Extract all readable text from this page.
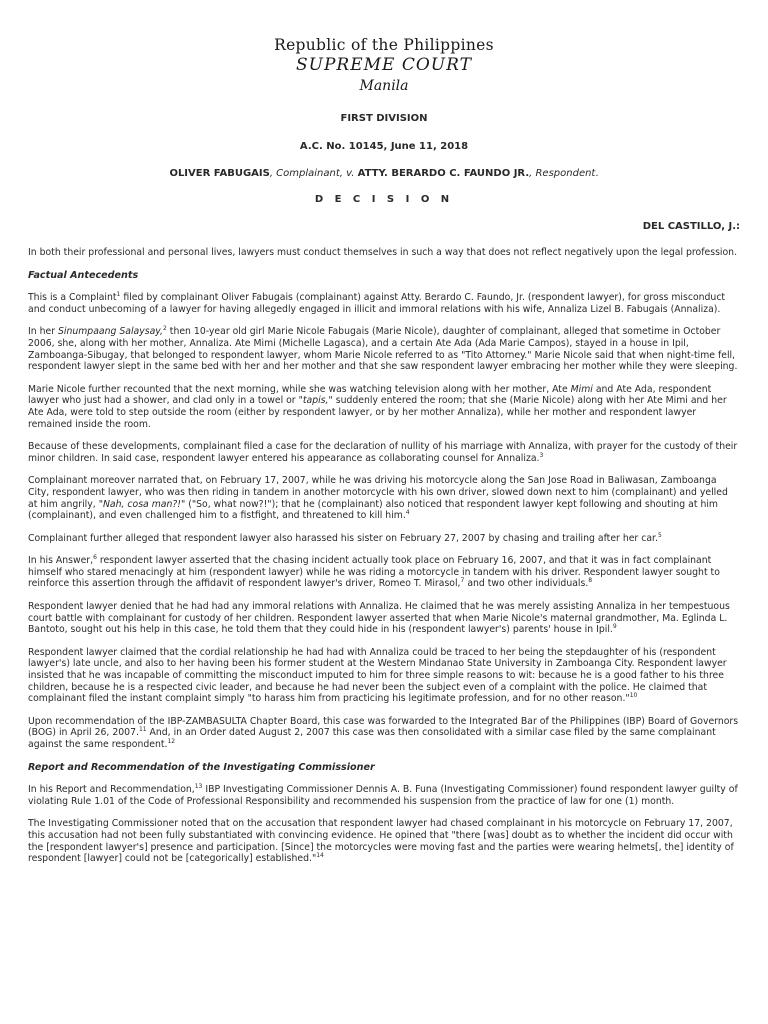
Republic of the Philippines
SUPREME COURT
Manila
FIRST DIVISION
A.C. No. 10145, June 11, 2018
OLIVER FABUGAIS, Complainant, v. ATTY. BERARDO C. FAUNDO JR., Respondent.
D E C I S I O N
DEL CASTILLO, J.:

In both their professional and personal lives, lawyers must conduct themselves in such a way that does not reflect negatively upon the legal profession.

Factual Antecedents

This is a Complaint$^1$ filed by complainant Oliver Fabugais (complainant) against Atty. Berardo C. Faundo, Jr. (respondent lawyer), for gross misconduct and conduct unbecoming of a lawyer for having allegedly engaged in illicit and immoral relations with his wife, Annaliza Lizel B. Fabugais (Annaliza).

In her Sinumpaang Salaysay,$^2$ then 10-year old girl Marie Nicole Fabugais (Marie Nicole), daughter of complainant, alleged that sometime in October 2006, she, along with her mother, Annaliza. Ate Mimi (Michelle Lagasca), and a certain Ate Ada (Ada Marie Campos), stayed in a house in Ipil, Zamboanga-Sibugay, that belonged to respondent lawyer, whom Marie Nicole referred to as "Tito Attorney." Marie Nicole said that when night-time fell, respondent lawyer slept in the same bed with her and her mother and that she saw respondent lawyer embracing her mother while they were sleeping.

Marie Nicole further recounted that the next morning, while she was watching television along with her mother, Ate Mimi and Ate Ada, respondent lawyer who just had a shower, and clad only in a towel or "tapis," suddenly entered the room; that she (Marie Nicole) along with her Ate Mimi and her Ate Ada, were told to step outside the room (either by respondent lawyer, or by her mother Annaliza), while her mother and respondent lawyer remained inside the room.

Because of these developments, complainant filed a case for the declaration of nullity of his marriage with Annaliza, with prayer for the custody of their minor children. In said case, respondent lawyer entered his appearance as collaborating counsel for Annaliza.$^3$

Complainant moreover narrated that, on February 17, 2007, while he was driving his motorcycle along the San Jose Road in Baliwasan, Zamboanga City, respondent lawyer, who was then riding in tandem in another motorcycle with his own driver, slowed down next to him (complainant) and yelled at him angrily, "Nah, cosa man?!" ("So, what now?!"); that he (complainant) also noticed that respondent lawyer kept following and shouting at him (complainant), and even challenged him to a fistfight, and threatened to kill him.$^4$

Complainant further alleged that respondent lawyer also harassed his sister on February 27, 2007 by chasing and trailing after her car.$^5$

In his Answer,$^6$ respondent lawyer asserted that the chasing incident actually took place on February 16, 2007, and that it was in fact complainant himself who stared menacingly at him (respondent lawyer) while he was riding a motorcycle in tandem with his driver. Respondent lawyer sought to reinforce this assertion through the affidavit of respondent lawyer's driver, Romeo T. Mirasol,$^7$ and two other individuals.$^8$

Respondent lawyer denied that he had had any immoral relations with Annaliza. He claimed that he was merely assisting Annaliza in her tempestuous court battle with complainant for custody of her children. Respondent lawyer asserted that when Marie Nicole's maternal grandmother, Ma. Eglinda L. Bantoto, sought out his help in this case, he told them that they could hide in his (respondent lawyer's) parents' house in Ipil.$^9$

Respondent lawyer claimed that the cordial relationship he had had with Annaliza could be traced to her being the stepdaughter of his (respondent lawyer's) late uncle, and also to her having been his former student at the Western Mindanao State University in Zamboanga City. Respondent lawyer insisted that he was incapable of committing the misconduct imputed to him for three simple reasons to wit: because he is a good father to his three children, because he is a respected civic leader, and because he had never been the subject even of a complaint with the police. He claimed that complainant filed the instant complaint simply "to harass him from practicing his legitimate profession, and for no other reason."$^{10}$

Upon recommendation of the IBP-ZAMBASULTA Chapter Board, this case was forwarded to the Integrated Bar of the Philippines (IBP) Board of Governors (BOG) in April 26, 2007.11 And, in an Order dated August 2, 2007 this case was then consolidated with a similar case filed by the same complainant against the same respondent.$^{12}$

Report and Recommendation of the Investigating Commissioner

In his Report and Recommendation,$^{13}$ IBP Investigating Commissioner Dennis A. B. Funa (Investigating Commissioner) found respondent lawyer guilty of violating Rule 1.01 of the Code of Professional Responsibility and recommended his suspension from the practice of law for one (1) month.

The Investigating Commissioner noted that on the accusation that respondent lawyer had chased complainant in his motorcycle on February 17, 2007, this accusation had not been fully substantiated with convincing evidence. He opined that "there [was] doubt as to whether the incident did occur with the [respondent lawyer's] presence and participation. [Since] the motorcycles were moving fast and the parties were wearing helmets[, the] identity of respondent [lawyer] could not be [categorically] established."$^{14}$
